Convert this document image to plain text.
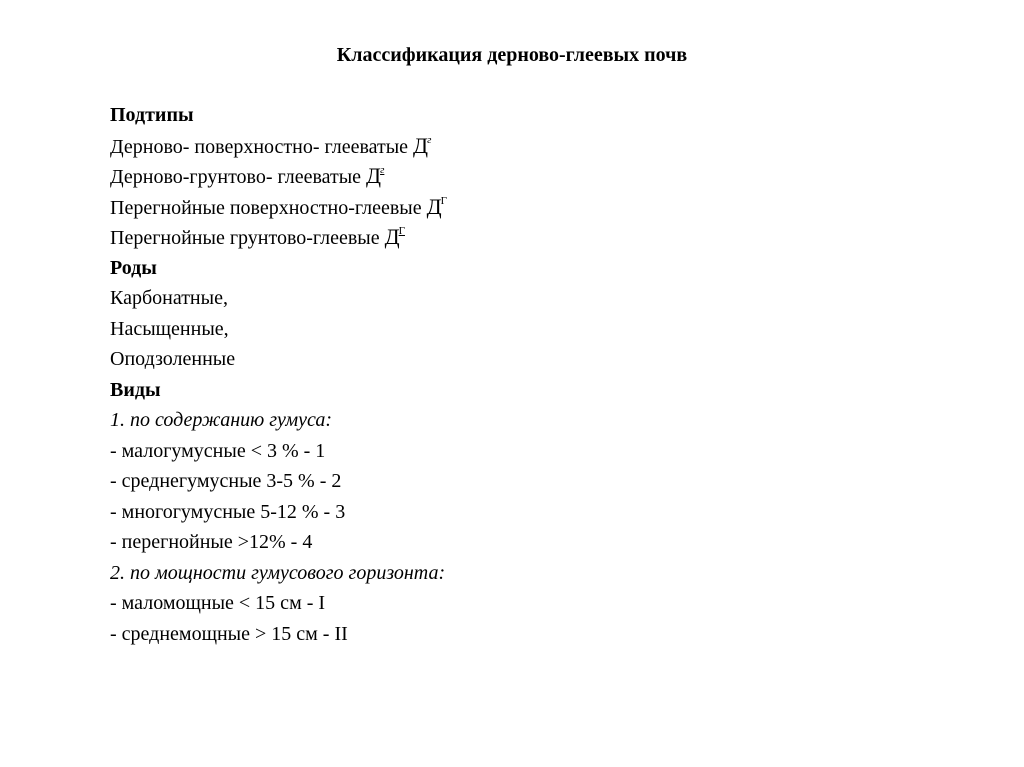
Классификация дерново-глеевых почв
Подтипы
Дерново- поверхностно- глееватые $Д^г$
Дерново-грунтово- глееватые $Д^г$
Перегнойные поверхностно-глеевые $Д^Г$
Перегнойные грунтово-глеевые $Д^Г$
Роды
Карбонатные,
Насыщенные,
Оподзоленные
Виды
1. по содержанию гумуса:
- малогумусные < 3 % - 1
- среднегумусные 3-5 % - 2
- многогумусные 5-12 % - 3
- перегнойные >12% - 4
2. по мощности гумусового горизонта:
- маломощные < 15 см - I
- среднемощные > 15 см - II
